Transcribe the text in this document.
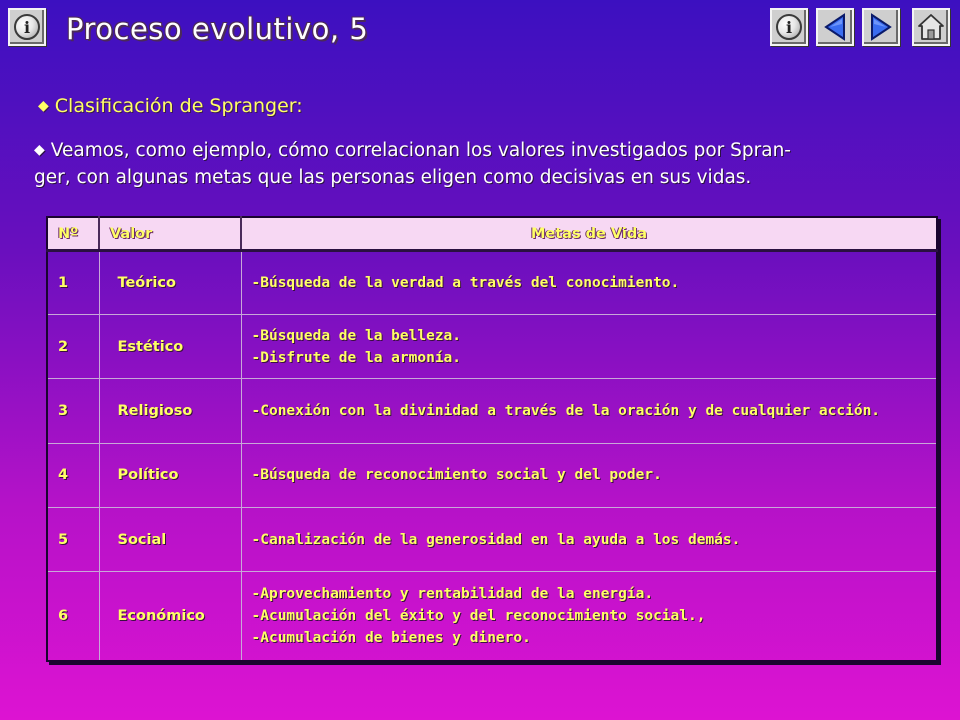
i	Proceso evolutivo, 5	i
◆ Clasificación de Spranger:
◆ Veamos, como ejemplo, cómo correlacionan los valores investigados por Spran-
ger, con algunas metas que las personas eligen como decisivas en sus vidas.
Nº	Valor	Metas de Vida
1	Teórico	-Búsqueda de la verdad a través del conocimiento.

2	Estético	-Búsqueda de la belleza.
-Disfrute de la armonía.

3	Religioso	-Conexión con la divinidad a través de la oración y de cualquier acción.

4	Político	-Búsqueda de reconocimiento social y del poder.

5	Social	-Canalización de la generosidad en la ayuda a los demás.

6	Económico	-Aprovechamiento y rentabilidad de la energía.
-Acumulación del éxito y del reconocimiento social.,
-Acumulación de bienes y dinero.
